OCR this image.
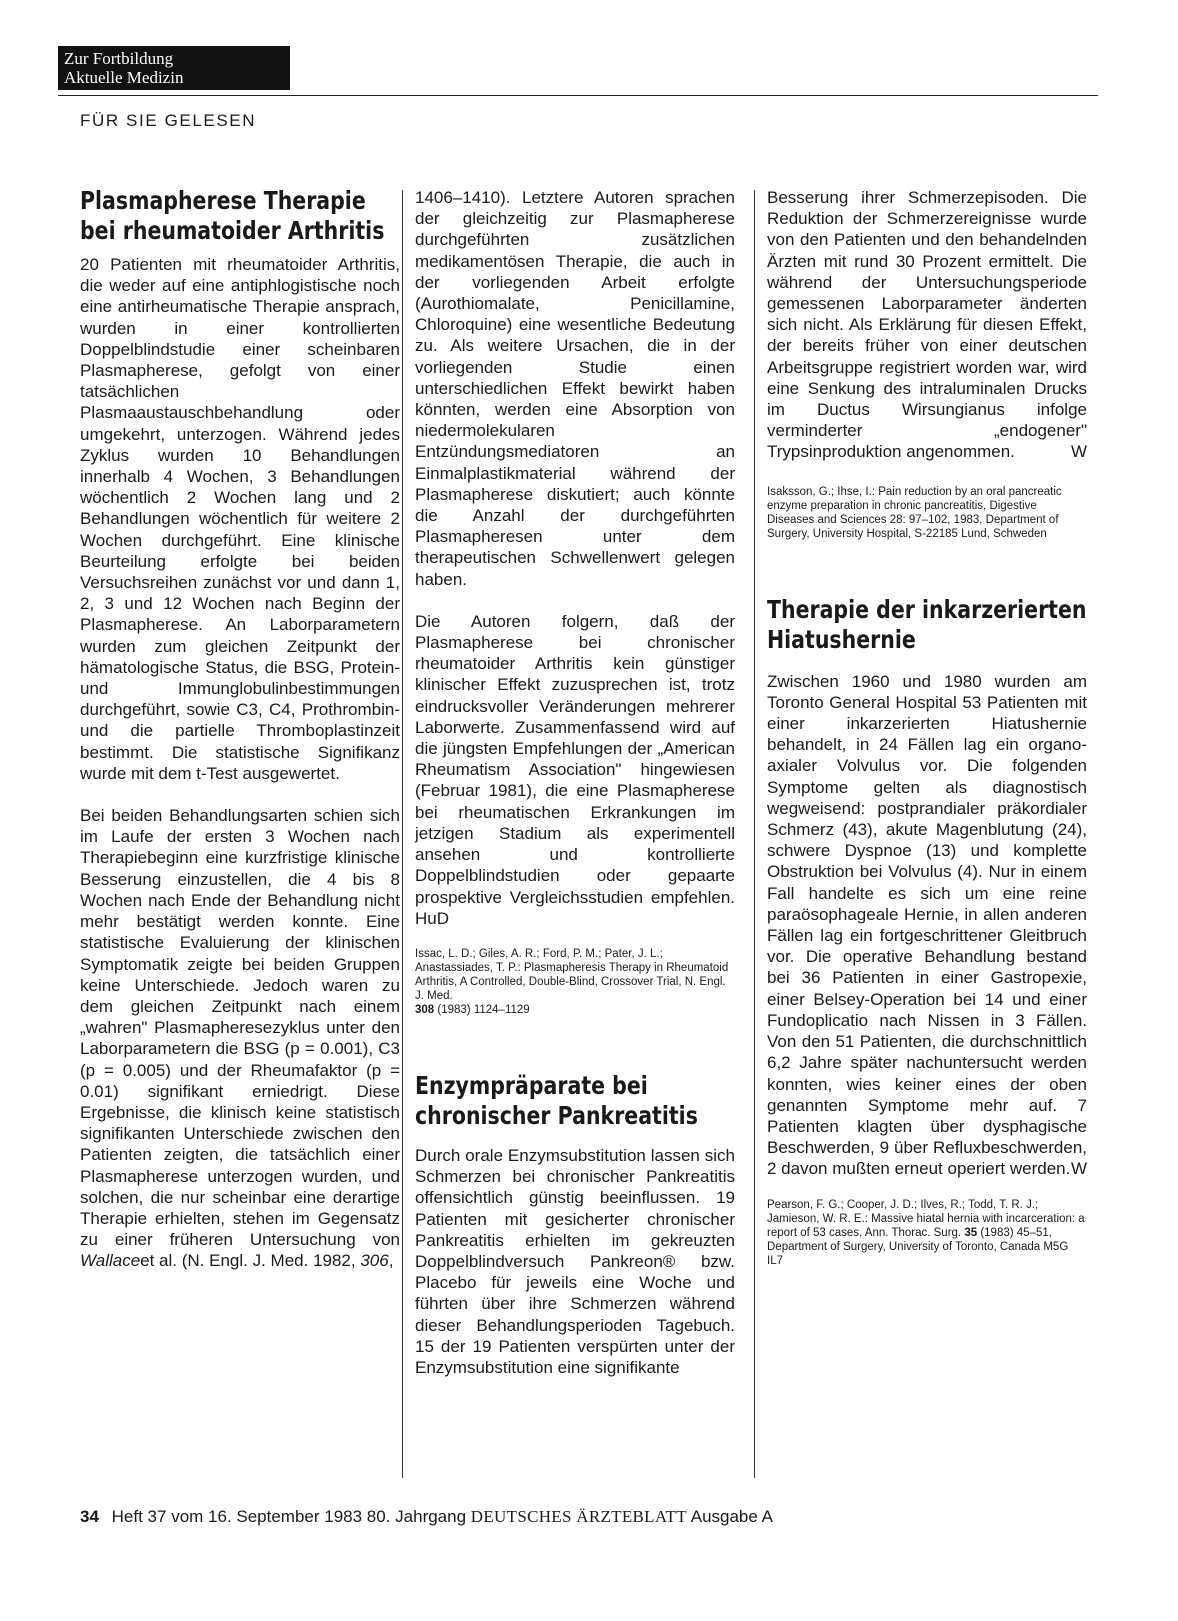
Zur Fortbildung
Aktuelle Medizin
FÜR SIE GELESEN
Plasmapherese Therapie bei rheumatoider Arthritis

20 Patienten mit rheumatoider Arthritis, die weder auf eine antiphlogistische noch eine antirheumatische Therapie ansprach, wurden in einer kontrollierten Doppelblindstudie einer scheinbaren Plasmapherese, gefolgt von einer tatsächlichen Plasmaaustauschbehandlung oder umgekehrt, unterzogen. Während jedes Zyklus wurden 10 Behandlungen innerhalb 4 Wochen, 3 Behandlungen wöchentlich 2 Wochen lang und 2 Behandlungen wöchentlich für weitere 2 Wochen durchgeführt. Eine klinische Beurteilung erfolgte bei beiden Versuchsreihen zunächst vor und dann 1, 2, 3 und 12 Wochen nach Beginn der Plasmapherese. An Laborparametern wurden zum gleichen Zeitpunkt der hämatologische Status, die BSG, Protein- und Immunglobulinbestimmungen durchgeführt, sowie C3, C4, Prothrombin- und die partielle Thromboplastinzeit bestimmt. Die statistische Signifikanz wurde mit dem t-Test ausgewertet.

Bei beiden Behandlungsarten schien sich im Laufe der ersten 3 Wochen nach Therapiebeginn eine kurzfristige klinische Besserung einzustellen, die 4 bis 8 Wochen nach Ende der Behandlung nicht mehr bestätigt werden konnte. Eine statistische Evaluierung der klinischen Symptomatik zeigte bei beiden Gruppen keine Unterschiede. Jedoch waren zu dem gleichen Zeitpunkt nach einem „wahren" Plasmapheresezyklus unter den Laborparametern die BSG (p = 0.001), C3 (p = 0.005) und der Rheumafaktor (p = 0.01) signifikant erniedrigt. Diese Ergebnisse, die klinisch keine statistisch signifikanten Unterschiede zwischen den Patienten zeigten, die tatsächlich einer Plasmapherese unterzogen wurden, und solchen, die nur scheinbar eine derartige Therapie erhielten, stehen im Gegensatz zu einer früheren Untersuchung von Wallaceet al. (N. Engl. J. Med. 1982, 306,

1406–1410). Letztere Autoren sprachen der gleichzeitig zur Plasmapherese durchgeführten zusätzlichen medikamentösen Therapie, die auch in der vorliegenden Arbeit erfolgte (Aurothiomalate, Penicillamine, Chloroquine) eine wesentliche Bedeutung zu. Als weitere Ursachen, die in der vorliegenden Studie einen unterschiedlichen Effekt bewirkt haben könnten, werden eine Absorption von niedermolekularen Entzündungsmediatoren an Einmalplastikmaterial während der Plasmapherese diskutiert; auch könnte die Anzahl der durchgeführten Plasmapheresen unter dem therapeutischen Schwellenwert gelegen haben.

Die Autoren folgern, daß der Plasmapherese bei chronischer rheumatoider Arthritis kein günstiger klinischer Effekt zuzusprechen ist, trotz eindrucksvoller Veränderungen mehrerer Laborwerte. Zusammenfassend wird auf die jüngsten Empfehlungen der „American Rheumatism Association" hingewiesen (Februar 1981), die eine Plasmapherese bei rheumatischen Erkrankungen im jetzigen Stadium als experimentell ansehen und kontrollierte Doppelblindstudien oder gepaarte prospektive Vergleichsstudien empfehlen. HuD

Issac, L. D.; Giles, A. R.; Ford, P. M.; Pater, J. L.; Anastassiades, T. P.: Plasmapheresis Therapy in Rheumatoid Arthritis, A Controlled, Double-Blind, Crossover Trial, N. Engl. J. Med.
308 (1983) 1124–1129
Enzympräparate bei chronischer Pankreatitis

Durch orale Enzymsubstitution lassen sich Schmerzen bei chronischer Pankreatitis offensichtlich günstig beeinflussen. 19 Patienten mit gesicherter chronischer Pankreatitis erhielten im gekreuzten Doppelblindversuch Pankreon® bzw. Placebo für jeweils eine Woche und führten über ihre Schmerzen während dieser Behandlungsperioden Tagebuch. 15 der 19 Patienten verspürten unter der Enzymsubstitution eine signifikante

Besserung ihrer Schmerzepisoden. Die Reduktion der Schmerzereignisse wurde von den Patienten und den behandelnden Ärzten mit rund 30 Prozent ermittelt. Die während der Untersuchungsperiode gemessenen Laborparameter änderten sich nicht. Als Erklärung für diesen Effekt, der bereits früher von einer deutschen Arbeitsgruppe registriert worden war, wird eine Senkung des intraluminalen Drucks im Ductus Wirsungianus infolge verminderter „endogener" Trypsinproduktion angenommen.	W

Isaksson, G.; Ihse, I.: Pain reduction by an oral pancreatic enzyme preparation in chronic pancreatitis, Digestive Diseases and Sciences 28: 97–102, 1983, Department of Surgery, University Hospital, S-22185 Lund, Schweden
Therapie der inkarzerierten Hiatushernie

Zwischen 1960 und 1980 wurden am Toronto General Hospital 53 Patienten mit einer inkarzerierten Hiatushernie behandelt, in 24 Fällen lag ein organo-axialer Volvulus vor. Die folgenden Symptome gelten als diagnostisch wegweisend: postprandialer präkordialer Schmerz (43), akute Magenblutung (24), schwere Dyspnoe (13) und komplette Obstruktion bei Volvulus (4). Nur in einem Fall handelte es sich um eine reine paraösophageale Hernie, in allen anderen Fällen lag ein fortgeschrittener Gleitbruch vor. Die operative Behandlung bestand bei 36 Patienten in einer Gastropexie, einer Belsey-Operation bei 14 und einer Fundoplicatio nach Nissen in 3 Fällen. Von den 51 Patienten, die durchschnittlich 6,2 Jahre später nachuntersucht werden konnten, wies keiner eines der oben genannten Symptome mehr auf. 7 Patienten klagten über dysphagische Beschwerden, 9 über Refluxbeschwerden, 2 davon mußten erneut operiert werden. W

Pearson, F. G.; Cooper, J. D.; Ilves, R.; Todd, T. R. J.; Jamieson, W. R. E.: Massive hiatal hernia with incarceration: a report of 53 cases, Ann. Thorac. Surg. 35 (1983) 45–51, Department of Surgery, University of Toronto, Canada M5G IL7
34 Heft 37 vom 16. September 1983 80. Jahrgang DEUTSCHES ÄRZTEBLATT Ausgabe A
